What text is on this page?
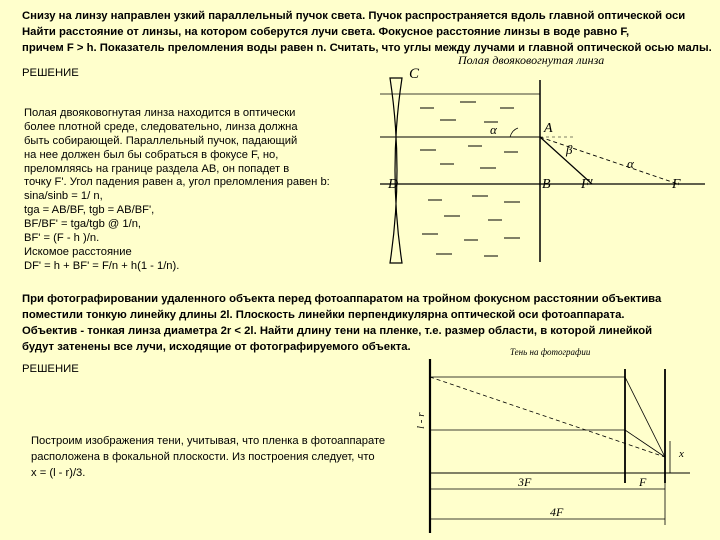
Снизу на линзу направлен узкий параллельный пучок света. Пучок распространяется вдоль главной оптической оси
Найти расстояние от линзы, на котором соберутся лучи света. Фокусное расстояние линзы в воде равно F,
причем F > h. Показатель преломления воды равен n. Считать, что углы между лучами и главной оптической осью малы.
РЕШЕНИЕ
Полая двояковогнутая линза находится в оптически
более плотной среде, следовательно, линза должна
быть собирающей. Параллельный пучок, падающий
на нее должен был бы собраться в фокусе F, но,
преломляясь на границе раздела AB, он попадет в
точку F'. Угол падения равен a, угол преломления равен b:
sina/sinb = 1/ n,
tga = AB/BF, tgb = AB/BF',
BF/BF' = tga/tgb @ 1/n,
BF' = (F - h )/n.
Искомое расстояние
DF' = h + BF' = F/n + h(1 - 1/n).
Полая двояковогнутая линза
C
A
D	B F'	F
α
β
α
При фотографировании удаленного объекта перед фотоаппаратом на тройном фокусном расстоянии объектива
поместили тонкую линейку длины 2l. Плоскость линейки перпендикулярна оптической оси фотоаппарата.
Объектив - тонкая линза диаметра 2r < 2l. Найти длину тени на пленке, т.е. размер области, в которой линейкой
будут затенены все лучи, исходящие от фотографируемого объекта.
РЕШЕНИЕ
Построим изображения тени, учитывая, что пленка в фотоаппарате
расположена в фокальной плоскости. Из построения следует, что
x = (l - r)/3.
Тень на фотографии
l - r
x
3F	F
4F
